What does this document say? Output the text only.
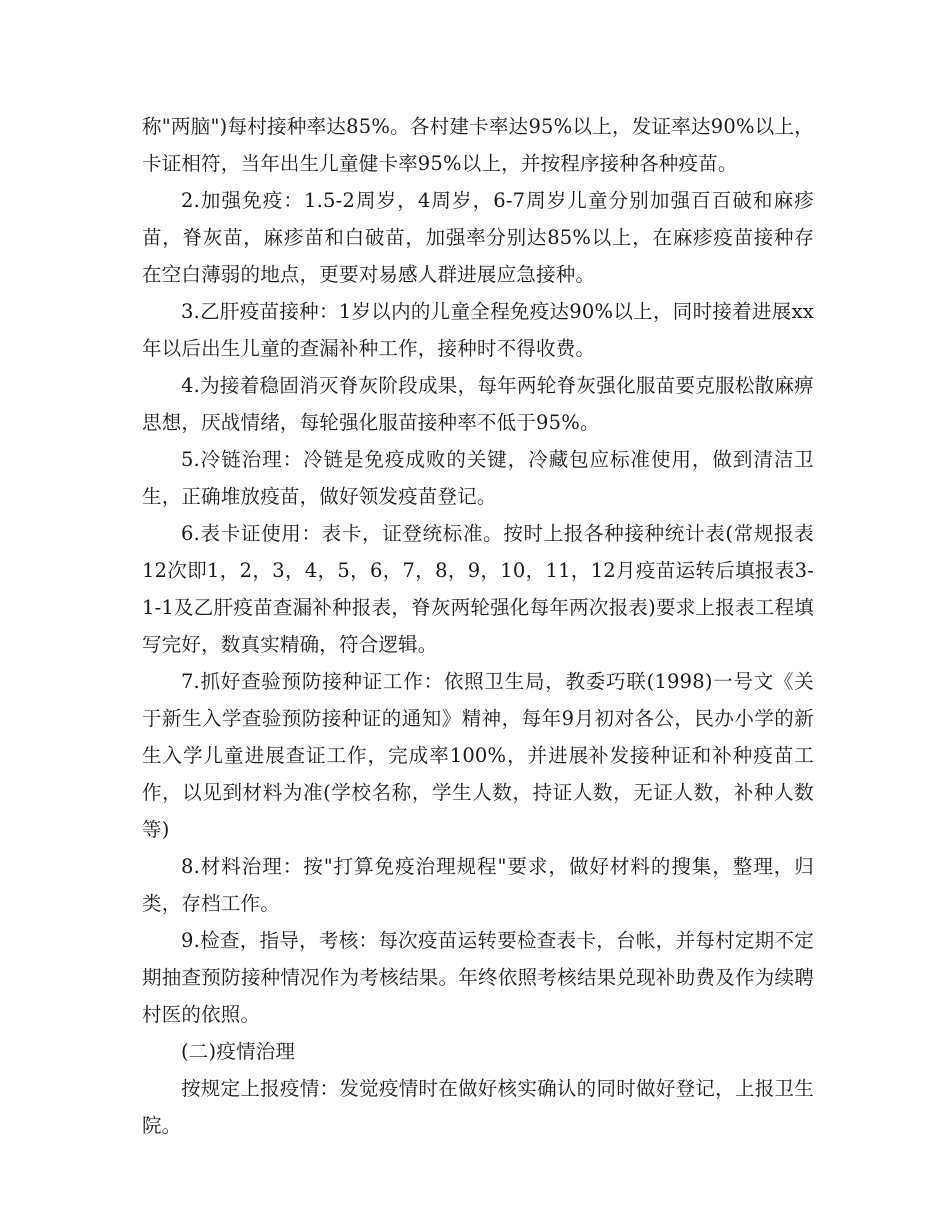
称"两脑")每村接种率达85%。各村建卡率达95%以上，发证率达90%以上，卡证相符，当年出生儿童健卡率95%以上，并按程序接种各种疫苗。

2.加强免疫：1.5-2周岁，4周岁，6-7周岁儿童分别加强百百破和麻疹苗，脊灰苗，麻疹苗和白破苗，加强率分别达85%以上，在麻疹疫苗接种存在空白薄弱的地点，更要对易感人群进展应急接种。

3.乙肝疫苗接种：1岁以内的儿童全程免疫达90%以上，同时接着进展xx年以后出生儿童的查漏补种工作，接种时不得收费。

4.为接着稳固消灭脊灰阶段成果，每年两轮脊灰强化服苗要克服松散麻痹思想，厌战情绪，每轮强化服苗接种率不低于95%。

5.冷链治理：冷链是免疫成败的关键，冷藏包应标准使用，做到清洁卫生，正确堆放疫苗，做好领发疫苗登记。

6.表卡证使用：表卡，证登统标准。按时上报各种接种统计表(常规报表12次即1，2，3，4，5，6，7，8，9，10，11，12月疫苗运转后填报表3-1-1及乙肝疫苗查漏补种报表，脊灰两轮强化每年两次报表)要求上报表工程填写完好，数真实精确，符合逻辑。

7.抓好查验预防接种证工作：依照卫生局，教委巧联(1998)一号文《关于新生入学查验预防接种证的通知》精神，每年9月初对各公，民办小学的新生入学儿童进展查证工作，完成率100%，并进展补发接种证和补种疫苗工作，以见到材料为准(学校名称，学生人数，持证人数，无证人数，补种人数等)

8.材料治理：按"打算免疫治理规程"要求，做好材料的搜集，整理，归类，存档工作。

9.检查，指导，考核：每次疫苗运转要检查表卡，台帐，并每村定期不定期抽查预防接种情况作为考核结果。年终依照考核结果兑现补助费及作为续聘村医的依照。

(二)疫情治理

按规定上报疫情：发觉疫情时在做好核实确认的同时做好登记，上报卫生院。
